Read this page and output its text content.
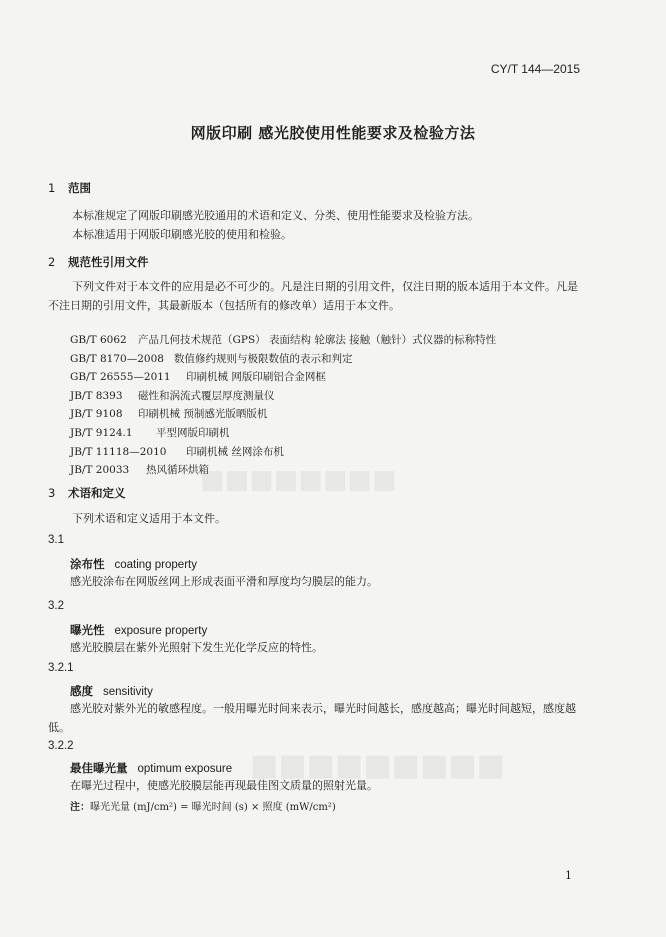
■■■■■■■■
■■■■■■■■■
CY/T 144—2015
网版印刷 感光胶使用性能要求及检验方法
1 范围
本标准规定了网版印刷感光胶通用的术语和定义、分类、使用性能要求及检验方法。
本标准适用于网版印刷感光胶的使用和检验。
2 规范性引用文件
下列文件对于本文件的应用是必不可少的。凡是注日期的引用文件，仅注日期的版本适用于本文件。凡是不注日期的引用文件，其最新版本（包括所有的修改单）适用于本文件。
GB/T 6062 产品几何技术规范（GPS） 表面结构 轮廓法 接触（触针）式仪器的标称特性
GB/T 8170—2008 数值修约规则与极限数值的表示和判定
GB/T 26555—2011 印刷机械 网版印刷铝合金网框
JB/T 8393 磁性和涡流式覆层厚度测量仪
JB/T 9108 印刷机械 预制感光版晒版机
JB/T 9124.1 平型网版印刷机
JB/T 11118—2010 印刷机械 丝网涂布机
JB/T 20033 热风循环烘箱
3 术语和定义
下列术语和定义适用于本文件。
3.1
涂布性 coating property
感光胶涂布在网版丝网上形成表面平滑和厚度均匀膜层的能力。
3.2
曝光性 exposure property
感光胶膜层在紫外光照射下发生光化学反应的特性。
3.2.1
感度 sensitivity
感光胶对紫外光的敏感程度。一般用曝光时间来表示，曝光时间越长，感度越高；曝光时间越短，感度越低。
3.2.2
最佳曝光量 optimum exposure
在曝光过程中，使感光胶膜层能再现最佳图文质量的照射光量。
注：曝光光量 (mJ/cm²) = 曝光时间 (s) × 照度 (mW/cm²)
1
